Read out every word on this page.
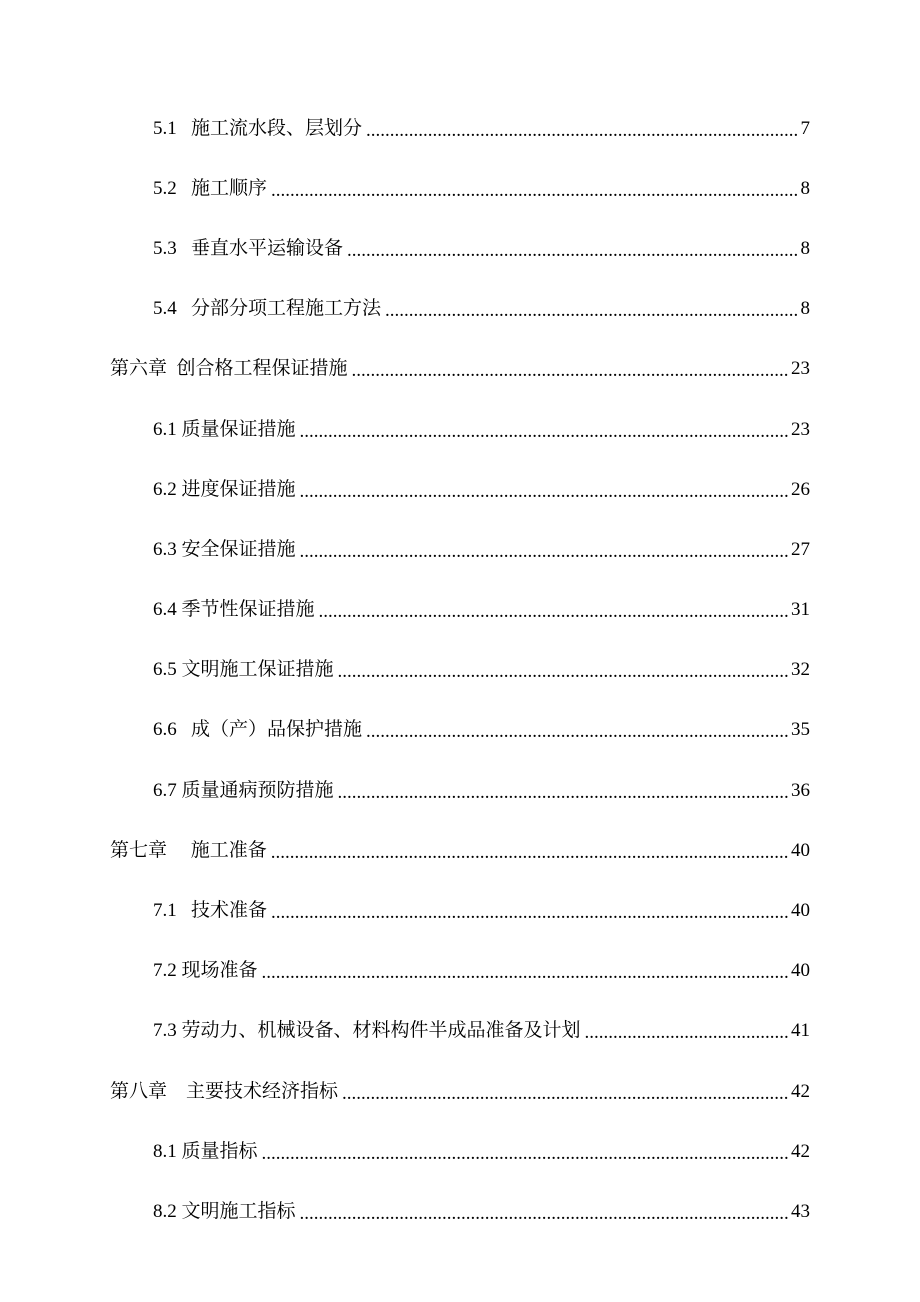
5.1 施工流水段、层划分 .....	7
5.2 施工顺序 .....	8
5.3 垂直水平运输设备 .....	8
5.4 分部分项工程施工方法 .....	8
第六章 创合格工程保证措施 .....	23
6.1 质量保证措施 .....	23
6.2 进度保证措施 .....	26
6.3 安全保证措施 .....	27
6.4 季节性保证措施 .....	31
6.5 文明施工保证措施 .....	32
6.6 成（产）品保护措施 .....	35
6.7 质量通病预防措施 .....	36
第七章 施工准备 .....	40
7.1 技术准备 .....	40
7.2 现场准备 .....	40
7.3 劳动力、机械设备、材料构件半成品准备及计划 .....	41
第八章 主要技术经济指标 .....	42
8.1 质量指标 .....	42
8.2 文明施工指标 .....	43
